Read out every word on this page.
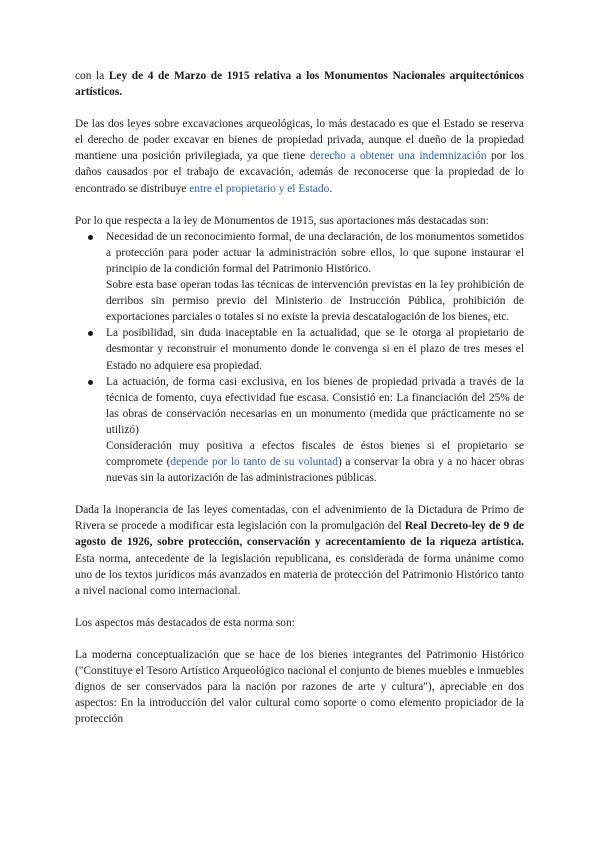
con la Ley de 4 de Marzo de 1915 relativa a los Monumentos Nacionales arquitectónicos artísticos.

De las dos leyes sobre excavaciones arqueológicas, lo más destacado es que el Estado se reserva el derecho de poder excavar en bienes de propiedad privada, aunque el dueño de la propiedad mantiene una posición privilegiada, ya que tiene derecho a obtener una indemnización por los daños causados por el trabajo de excavación, además de reconocerse que la propiedad de lo encontrado se distribuye entre el propietario y el Estado.

Por lo que respecta a la ley de Monumentos de 1915, sus aportaciones más destacadas son:

Necesidad de un reconocimiento formal, de una declaración, de los monumentos sometidos a protección para poder actuar la administración sobre ellos, lo que supone instaurar el principio de la condición formal del Patrimonio Histórico.

Sobre esta base operan todas las técnicas de intervención previstas en la ley prohibición de derribos sin permiso previo del Ministerio de Instrucción Pública, prohibición de exportaciones parciales o totales si no existe la previa descatalogación de los bienes, etc.

La posibilidad, sin duda inaceptable en la actualidad, que se le otorga al propietario de desmontar y reconstruir el monumento donde le convenga si en el plazo de tres meses el Estado no adquiere esa propiedad.

La actuación, de forma casi exclusiva, en los bienes de propiedad privada a través de la técnica de fomento, cuya efectividad fue escasa. Consistió en: La financiación del 25% de las obras de conservación necesarias en un monumento (medida que prácticamente no se utilizó)

Consideración muy positiva a efectos fiscales de éstos bienes si el propietario se compromete (depende por lo tanto de su voluntad) a conservar la obra y a no hacer obras nuevas sin la autorización de las administraciones públicas.

Dada la inoperancia de las leyes comentadas, con el advenimiento de la Dictadura de Primo de Rivera se procede a modificar esta legislación con la promulgación del Real Decreto-ley de 9 de agosto de 1926, sobre protección, conservación y acrecentamiento de la riqueza artística. Esta norma, antecedente de la legislación republicana, es considerada de forma unánime como uno de los textos jurídicos más avanzados en materia de protección del Patrimonio Histórico tanto a nivel nacional como internacional.

Los aspectos más destacados de esta norma son:

La moderna conceptualización que se hace de los bienes integrantes del Patrimonio Histórico ("Constituye el Tesoro Artístico Arqueológico nacional el conjunto de bienes muebles e inmuebles dignos de ser conservados para la nación por razones de arte y cultura"), apreciable en dos aspectos: En la introducción del valor cultural como soporte o como elemento propiciador de la protección
